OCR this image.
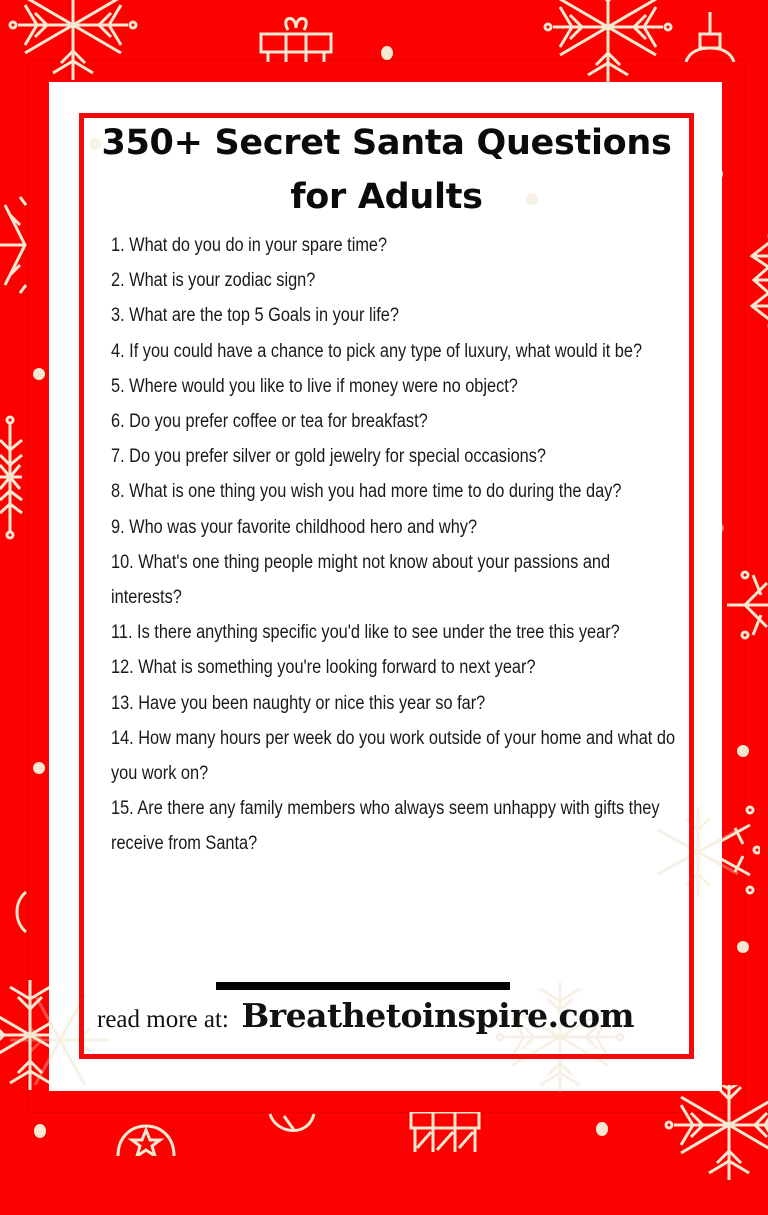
350+ Secret Santa Questions
for Adults
1. What do you do in your spare time?
2. What is your zodiac sign?
3. What are the top 5 Goals in your life?
4. If you could have a chance to pick any type of luxury, what would it be?
5. Where would you like to live if money were no object?
6. Do you prefer coffee or tea for breakfast?
7. Do you prefer silver or gold jewelry for special occasions?
8. What is one thing you wish you had more time to do during the day?
9. Who was your favorite childhood hero and why?
10. What's one thing people might not know about your passions and interests?
11. Is there anything specific you'd like to see under the tree this year?
12. What is something you're looking forward to next year?
13. Have you been naughty or nice this year so far?
14. How many hours per week do you work outside of your home and what do you work on?
15. Are there any family members who always seem unhappy with gifts they receive from Santa?
read more at: Breathetoinspire.com
